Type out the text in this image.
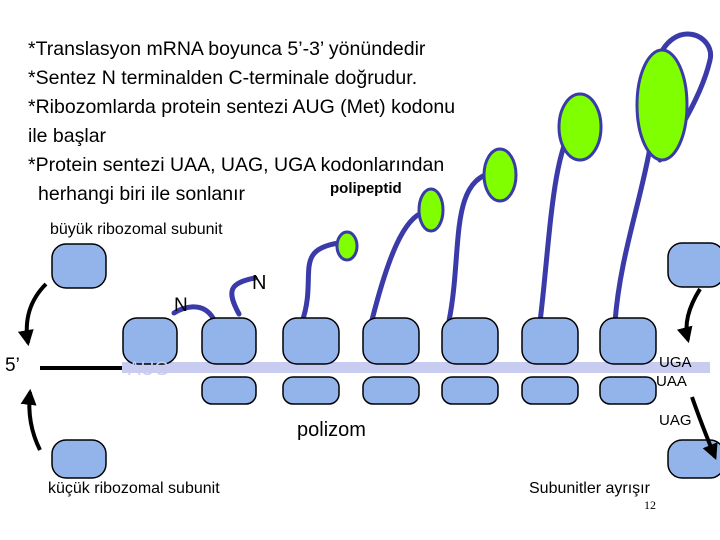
*Translasyon mRNA boyunca 5’-3’ yönündedir
*Sentez N terminalden C-terminale doğrudur.
*Ribozomlarda protein sentezi AUG (Met) kodonu
ile başlar
*Protein sentezi UAA, UAG, UGA kodonlarından
herhangi biri ile sonlanır	polipeptid
büyük ribozomal subunit
N
N
5’	AUG	UGA
UAA
polizom	UAG
küçük ribozomal subunit	Subunitler ayrışır
12
